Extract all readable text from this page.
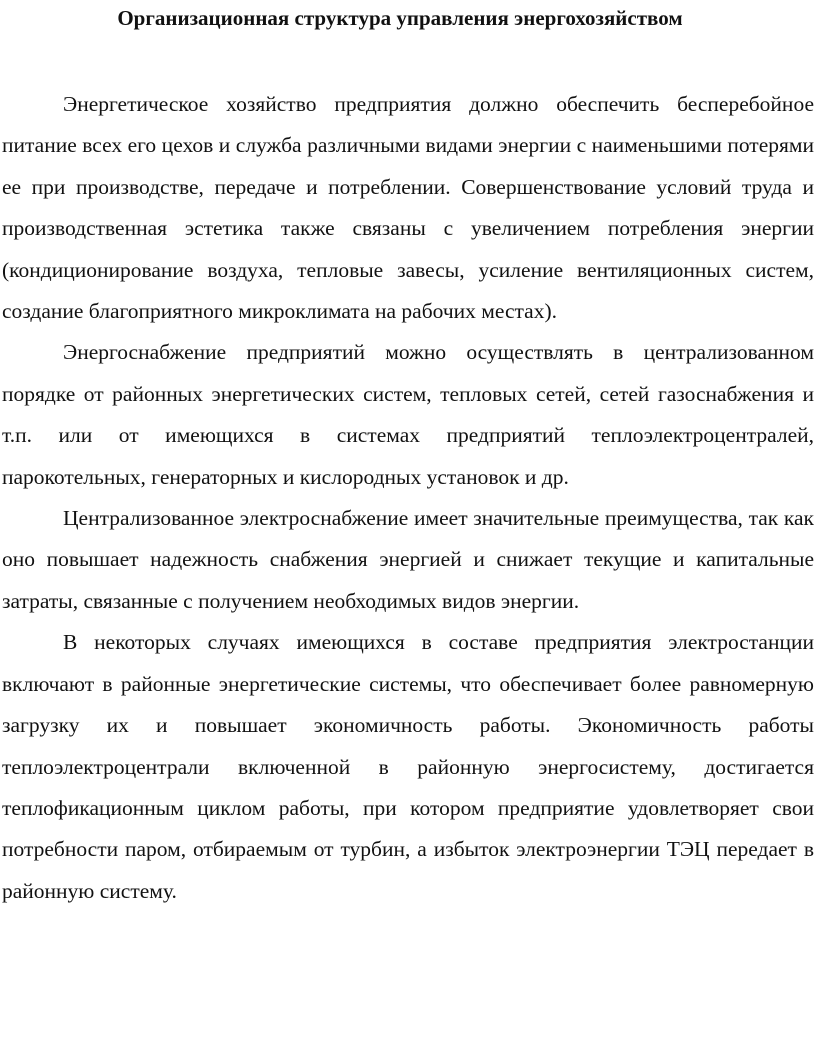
Организационная структура управления энергохозяйством

Энергетическое хозяйство предприятия должно обеспечить бесперебойное питание всех его цехов и служба различными видами энергии с наименьшими потерями ее при производстве, передаче и потреблении. Совершенствование условий труда и производственная эстетика также связаны с увеличением потребления энергии (кондиционирование воздуха, тепловые завесы, усиление вентиляционных систем, создание благоприятного микроклимата на рабочих местах).

Энергоснабжение предприятий можно осуществлять в централизованном порядке от районных энергетических систем, тепловых сетей, сетей газоснабжения и т.п. или от имеющихся в системах предприятий теплоэлектроцентралей, парокотельных, генераторных и кислородных установок и др.

Централизованное электроснабжение имеет значительные преимущества, так как оно повышает надежность снабжения энергией и снижает текущие и капитальные затраты, связанные с получением необходимых видов энергии.

В некоторых случаях имеющихся в составе предприятия электростанции включают в районные энергетические системы, что обеспечивает более равномерную загрузку их и повышает экономичность работы. Экономичность работы теплоэлектроцентрали включенной в районную энергосистему, достигается теплофикационным циклом работы, при котором предприятие удовлетворяет свои потребности паром, отбираемым от турбин, а избыток электроэнергии ТЭЦ передает в районную систему.
